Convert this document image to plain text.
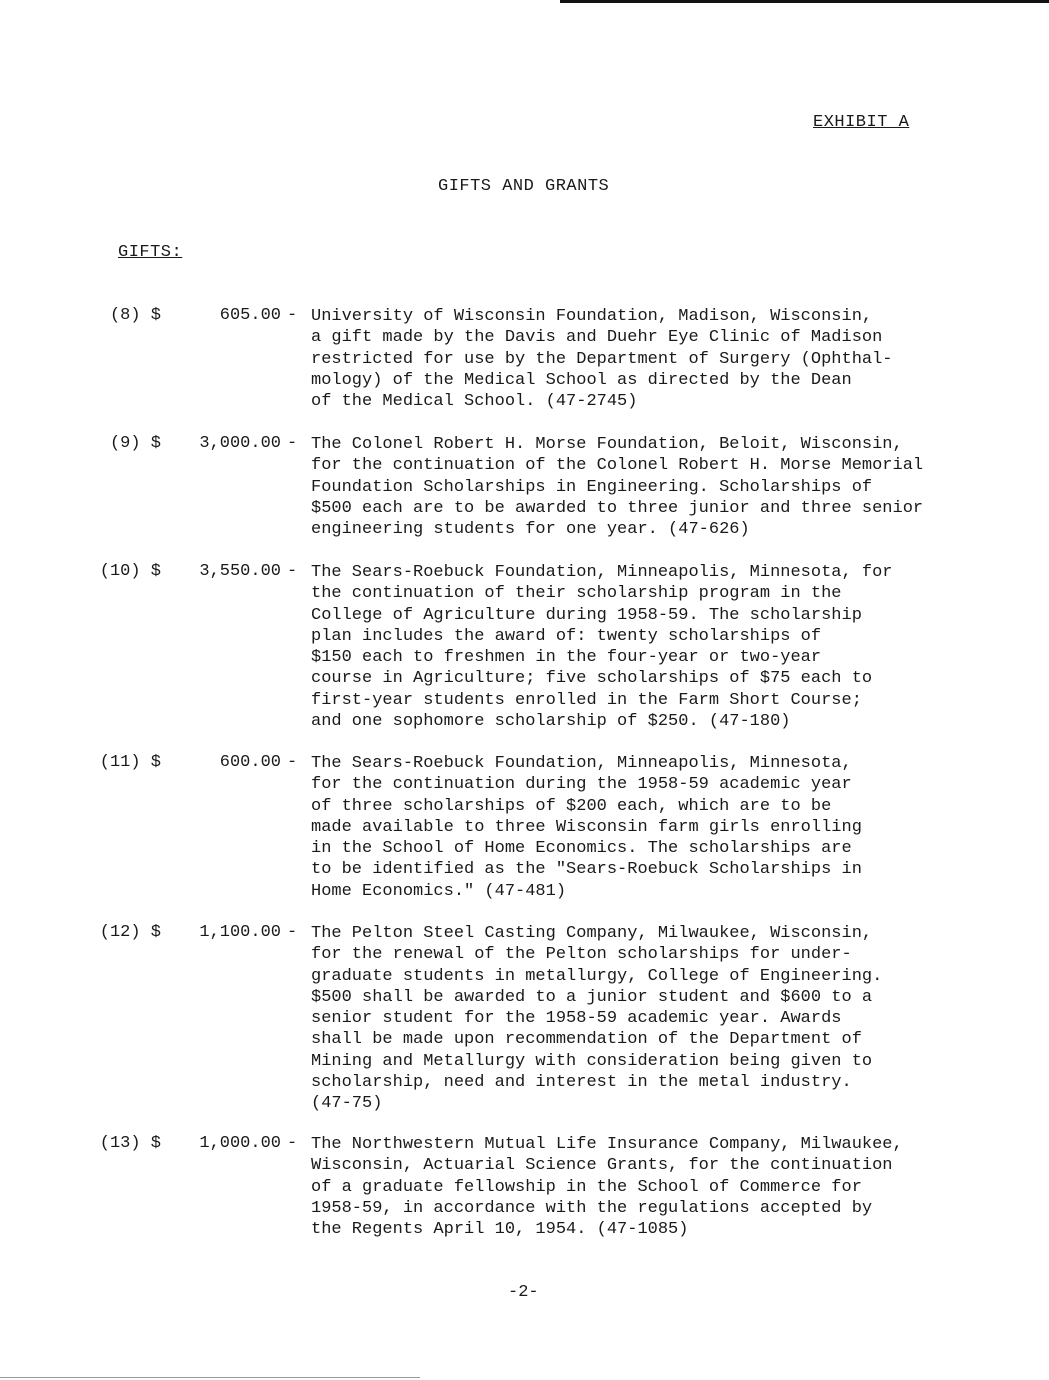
EXHIBIT A
GIFTS AND GRANTS
GIFTS:
(8) $	605.00 - University of Wisconsin Foundation, Madison, Wisconsin,
a gift made by the Davis and Duehr Eye Clinic of Madison
restricted for use by the Department of Surgery (Ophthal-
mology) of the Medical School as directed by the Dean
of the Medical School. (47-2745)
(9) $ 3,000.00 - The Colonel Robert H. Morse Foundation, Beloit, Wisconsin,
for the continuation of the Colonel Robert H. Morse Memorial
Foundation Scholarships in Engineering. Scholarships of
$500 each are to be awarded to three junior and three senior
engineering students for one year. (47-626)
(10) $ 3,550.00 - The Sears-Roebuck Foundation, Minneapolis, Minnesota, for
the continuation of their scholarship program in the
College of Agriculture during 1958-59. The scholarship
plan includes the award of: twenty scholarships of
$150 each to freshmen in the four-year or two-year
course in Agriculture; five scholarships of $75 each to
first-year students enrolled in the Farm Short Course;
and one sophomore scholarship of $250. (47-180)
(11) $	600.00 - The Sears-Roebuck Foundation, Minneapolis, Minnesota,
for the continuation during the 1958-59 academic year
of three scholarships of $200 each, which are to be
made available to three Wisconsin farm girls enrolling
in the School of Home Economics. The scholarships are
to be identified as the "Sears-Roebuck Scholarships in
Home Economics." (47-481)
(12) $ 1,100.00 - The Pelton Steel Casting Company, Milwaukee, Wisconsin,
for the renewal of the Pelton scholarships for under-
graduate students in metallurgy, College of Engineering.
$500 shall be awarded to a junior student and $600 to a
senior student for the 1958-59 academic year. Awards
shall be made upon recommendation of the Department of
Mining and Metallurgy with consideration being given to
scholarship, need and interest in the metal industry.
(47-75)
(13) $ 1,000.00 - The Northwestern Mutual Life Insurance Company, Milwaukee,
Wisconsin, Actuarial Science Grants, for the continuation
of a graduate fellowship in the School of Commerce for
1958-59, in accordance with the regulations accepted by
the Regents April 10, 1954. (47-1085)
-2-
